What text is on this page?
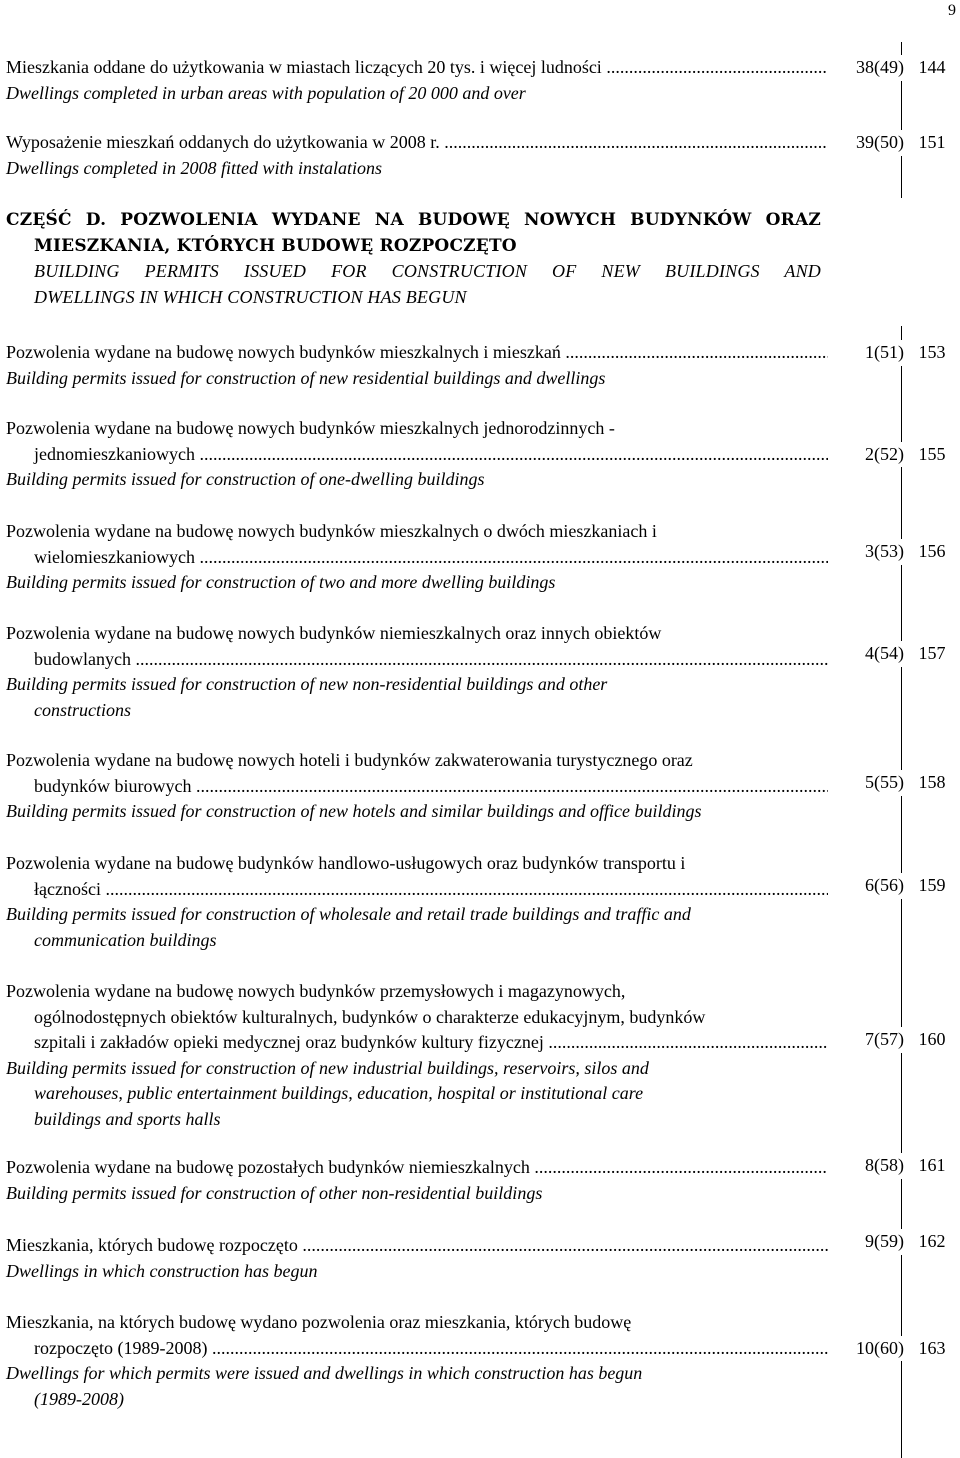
9
Mieszkania oddane do użytkowania w miastach liczących 20 tys. i więcej ludności .....
Dwellings completed in urban areas with population of 20 000 and over
38(49) 144
Wyposażenie mieszkań oddanych do użytkowania w 2008 r. .....
Dwellings completed in 2008 fitted with instalations
39(50) 151
CZĘŚĆ D. POZWOLENIA WYDANE NA BUDOWĘ NOWYCH BUDYNKÓW ORAZ
MIESZKANIA, KTÓRYCH BUDOWĘ ROZPOCZĘTO
BUILDING PERMITS ISSUED FOR CONSTRUCTION OF NEW BUILDINGS AND
DWELLINGS IN WHICH CONSTRUCTION HAS BEGUN
Pozwolenia wydane na budowę nowych budynków mieszkalnych i mieszkań .....
Building permits issued for construction of new residential buildings and dwellings
1(51) 153
Pozwolenia wydane na budowę nowych budynków mieszkalnych jednorodzinnych -
jednomieszkaniowych .....
Building permits issued for construction of one-dwelling buildings
2(52) 155
Pozwolenia wydane na budowę nowych budynków mieszkalnych o dwóch mieszkaniach i
wielomieszkaniowych .....
Building permits issued for construction of two and more dwelling buildings
3(53) 156
Pozwolenia wydane na budowę nowych budynków niemieszkalnych oraz innych obiektów
budowlanych .....
Building permits issued for construction of new non-residential buildings and other
constructions
4(54) 157
Pozwolenia wydane na budowę nowych hoteli i budynków zakwaterowania turystycznego oraz
budynków biurowych .....
Building permits issued for construction of new hotels and similar buildings and office buildings
5(55) 158
Pozwolenia wydane na budowę budynków handlowo-usługowych oraz budynków transportu i
łączności .....
Building permits issued for construction of wholesale and retail trade buildings and traffic and
communication buildings
6(56) 159
Pozwolenia wydane na budowę nowych budynków przemysłowych i magazynowych,
ogólnodostępnych obiektów kulturalnych, budynków o charakterze edukacyjnym, budynków
szpitali i zakładów opieki medycznej oraz budynków kultury fizycznej .....
Building permits issued for construction of new industrial buildings, reservoirs, silos and
warehouses, public entertainment buildings, education, hospital or institutional care
buildings and sports halls
7(57) 160
Pozwolenia wydane na budowę pozostałych budynków niemieszkalnych .....
Building permits issued for construction of other non-residential buildings
8(58) 161
Mieszkania, których budowę rozpoczęto .....
Dwellings in which construction has begun
9(59) 162
Mieszkania, na których budowę wydano pozwolenia oraz mieszkania, których budowę
rozpoczęto (1989-2008) .....
Dwellings for which permits were issued and dwellings in which construction has begun
(1989-2008)
10(60) 163
